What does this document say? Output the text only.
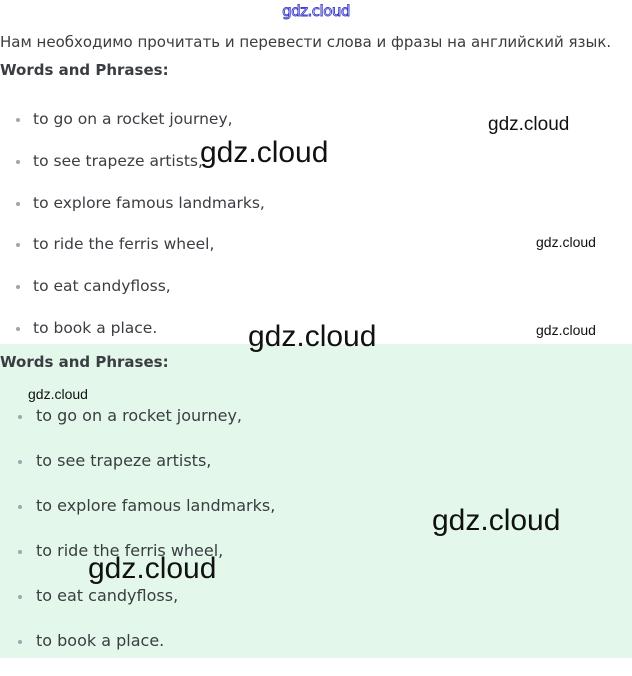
gdz.cloud
Нам необходимо прочитать и перевести слова и фразы на английский язык.
Words and Phrases:
to go on a rocket journey,
to see trapeze artists,
to explore famous landmarks,
to ride the ferris wheel,
to eat candyfloss,
to book a place.
Words and Phrases:
to go on a rocket journey,
to see trapeze artists,
to explore famous landmarks,
to ride the ferris wheel,
to eat candyfloss,
to book a place.
gdz.cloud
gdz.cloud
gdz.cloud
gdz.cloud	gdz.cloud
gdz.cloud
gdz.cloud
gdz.cloud
